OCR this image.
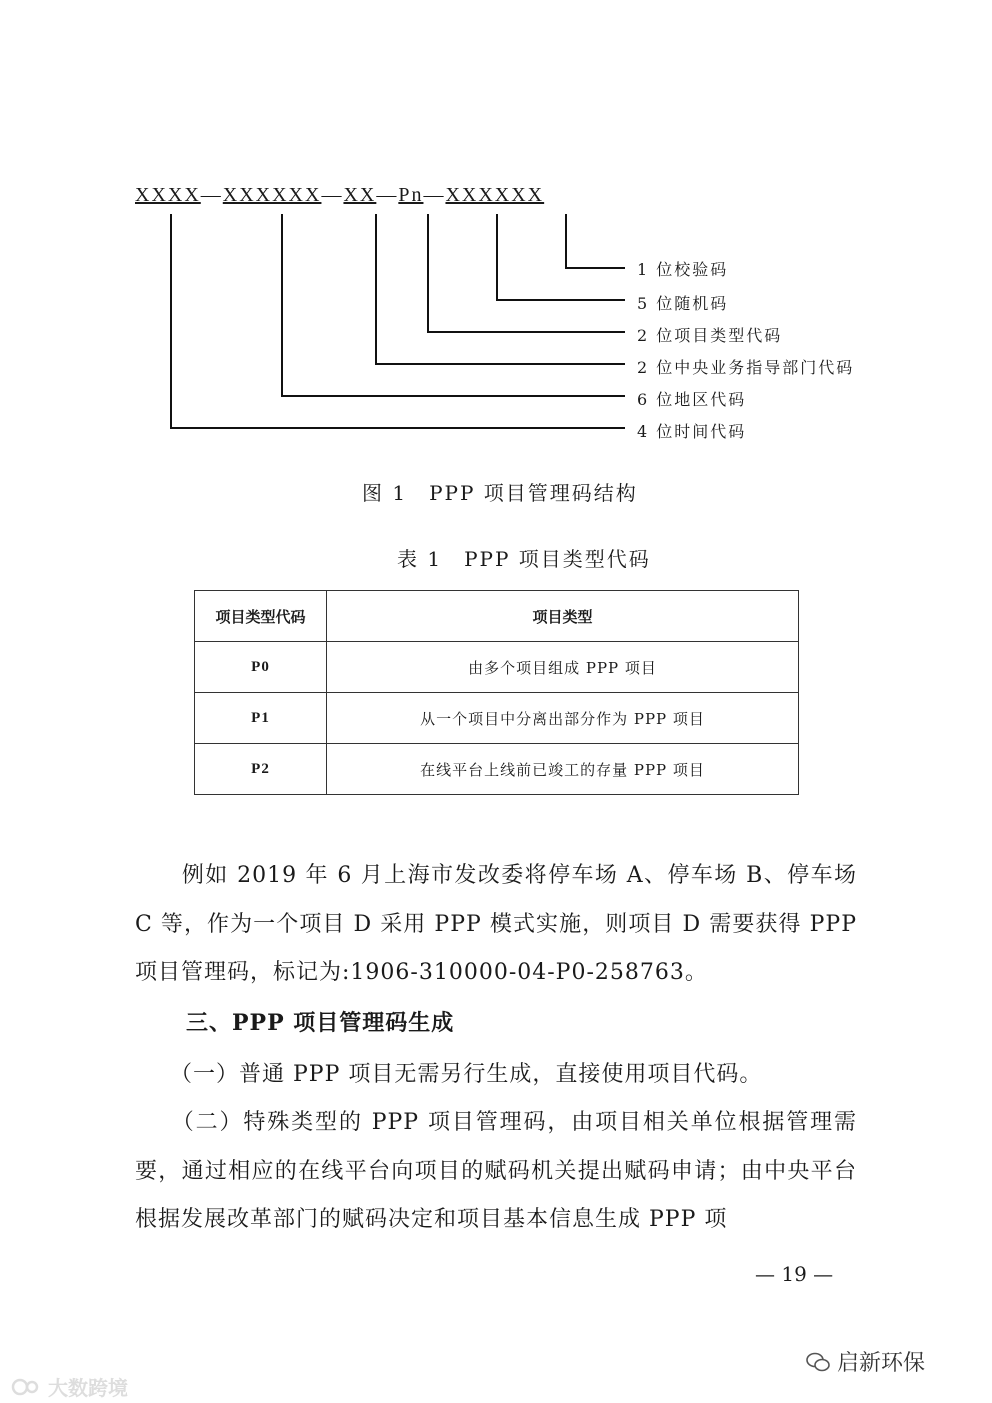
XXXX—XXXXXX—XX—Pn—XXXXXX
1 位校验码
5 位随机码
2 位项目类型代码
2 位中央业务指导部门代码
6 位地区代码
4 位时间代码
图 1　PPP 项目管理码结构
表 1　PPP 项目类型代码
项目类型代码	项目类型
P0	由多个项目组成 PPP 项目
P1	从一个项目中分离出部分作为 PPP 项目
P2	在线平台上线前已竣工的存量 PPP 项目
　　例如 2019 年 6 月上海市发改委将停车场 A、停车场 B、停车场 C 等，作为一个项目 D 采用 PPP 模式实施，则项目 D 需要获得 PPP 项目管理码，标记为:1906-310000-04-P0-258763。
三、PPP 项目管理码生成
　　（一）普通 PPP 项目无需另行生成，直接使用项目代码。
　　（二）特殊类型的 PPP 项目管理码，由项目相关单位根据管理需要，通过相应的在线平台向项目的赋码机关提出赋码申请；由中央平台根据发展改革部门的赋码决定和项目基本信息生成 PPP 项
— 19 —
启新环保
大数跨境
